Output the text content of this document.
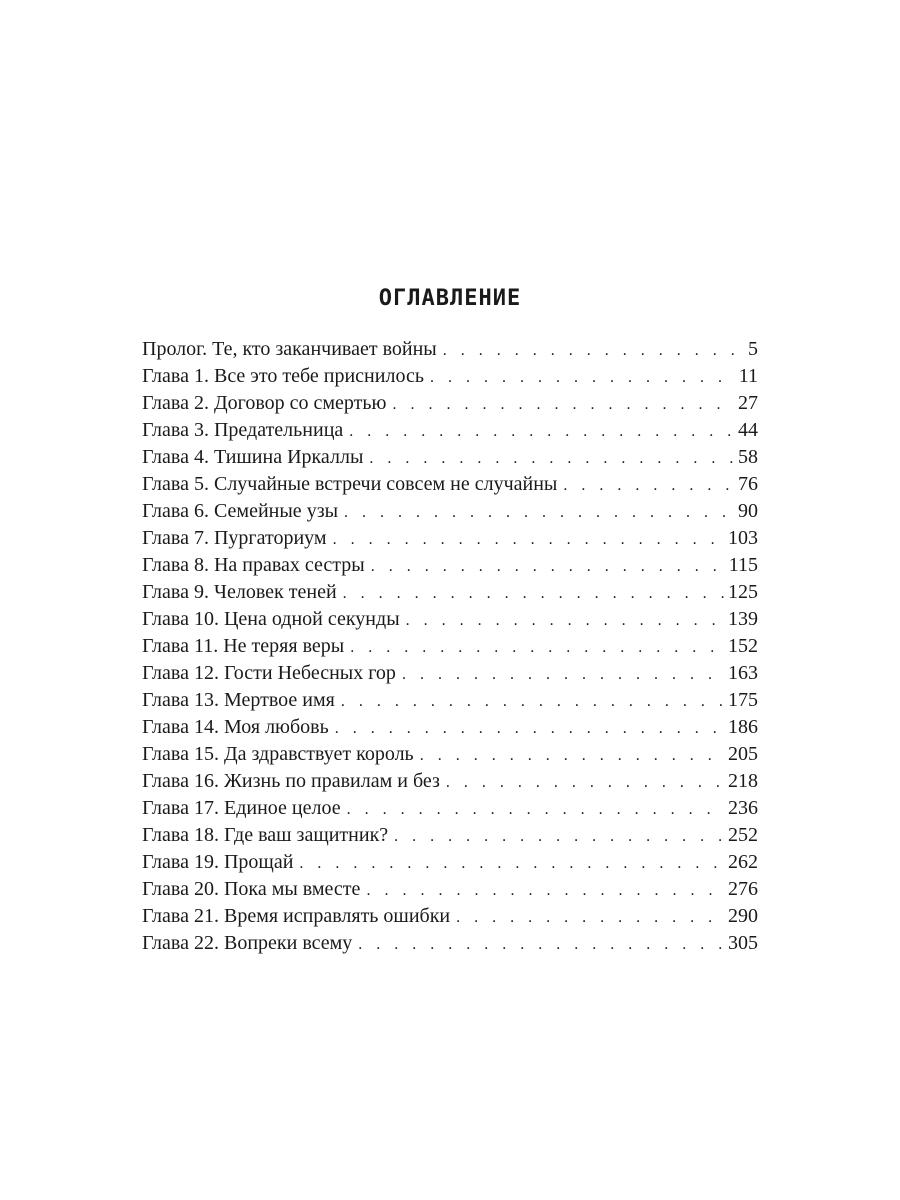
ОГЛАВЛЕНИЕ
Пролог. Те, кто заканчивает войны . . .	5
Глава 1. Все это тебе приснилось . . .	11
Глава 2. Договор со смертью . . .	27
Глава 3. Предательница . . .	44
Глава 4. Тишина Иркаллы . . .	58
Глава 5. Случайные встречи совсем не случайны . . .	76
Глава 6. Семейные узы . . .	90
Глава 7. Пургаториум . . .	103
Глава 8. На правах сестры . . .	115
Глава 9. Человек теней . . .	125
Глава 10. Цена одной секунды . . .	139
Глава 11. Не теряя веры . . .	152
Глава 12. Гости Небесных гор . . .	163
Глава 13. Мертвое имя . . .	175
Глава 14. Моя любовь . . .	186
Глава 15. Да здравствует король . . .	205
Глава 16. Жизнь по правилам и без . . .	218
Глава 17. Единое целое . . .	236
Глава 18. Где ваш защитник? . . .	252
Глава 19. Прощай . . .	262
Глава 20. Пока мы вместе . . .	276
Глава 21. Время исправлять ошибки . . .	290
Глава 22. Вопреки всему . . .	305
